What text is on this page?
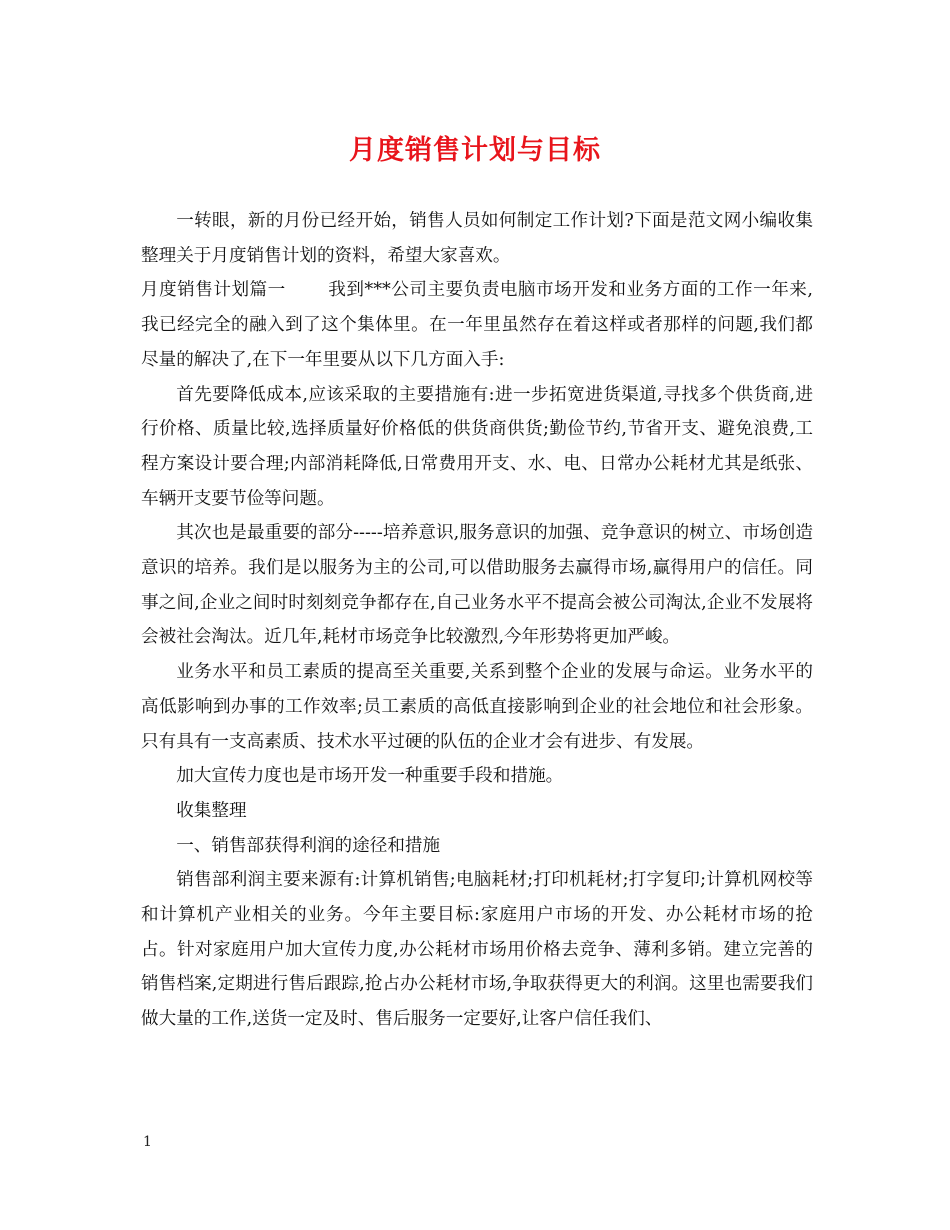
月度销售计划与目标

一转眼，新的月份已经开始，销售人员如何制定工作计划?下面是范文网小编收集整理关于月度销售计划的资料，希望大家喜欢。

月度销售计划篇一 我到***公司主要负责电脑市场开发和业务方面的工作一年来,我已经完全的融入到了这个集体里。在一年里虽然存在着这样或者那样的问题,我们都尽量的解决了,在下一年里要从以下几方面入手:

首先要降低成本,应该采取的主要措施有:进一步拓宽进货渠道,寻找多个供货商,进行价格、质量比较,选择质量好价格低的供货商供货;勤俭节约,节省开支、避免浪费,工程方案设计要合理;内部消耗降低,日常费用开支、水、电、日常办公耗材尤其是纸张、车辆开支要节俭等问题。

其次也是最重要的部分-----培养意识,服务意识的加强、竞争意识的树立、市场创造意识的培养。我们是以服务为主的公司,可以借助服务去赢得市场,赢得用户的信任。同事之间,企业之间时时刻刻竞争都存在,自己业务水平不提高会被公司淘汰,企业不发展将会被社会淘汰。近几年,耗材市场竞争比较激烈,今年形势将更加严峻。

业务水平和员工素质的提高至关重要,关系到整个企业的发展与命运。业务水平的高低影响到办事的工作效率;员工素质的高低直接影响到企业的社会地位和社会形象。只有具有一支高素质、技术水平过硬的队伍的企业才会有进步、有发展。

加大宣传力度也是市场开发一种重要手段和措施。

收集整理

一、销售部获得利润的途径和措施

销售部利润主要来源有:计算机销售;电脑耗材;打印机耗材;打字复印;计算机网校等和计算机产业相关的业务。今年主要目标:家庭用户市场的开发、办公耗材市场的抢占。针对家庭用户加大宣传力度,办公耗材市场用价格去竞争、薄利多销。建立完善的销售档案,定期进行售后跟踪,抢占办公耗材市场,争取获得更大的利润。这里也需要我们做大量的工作,送货一定及时、售后服务一定要好,让客户信任我们、

1
